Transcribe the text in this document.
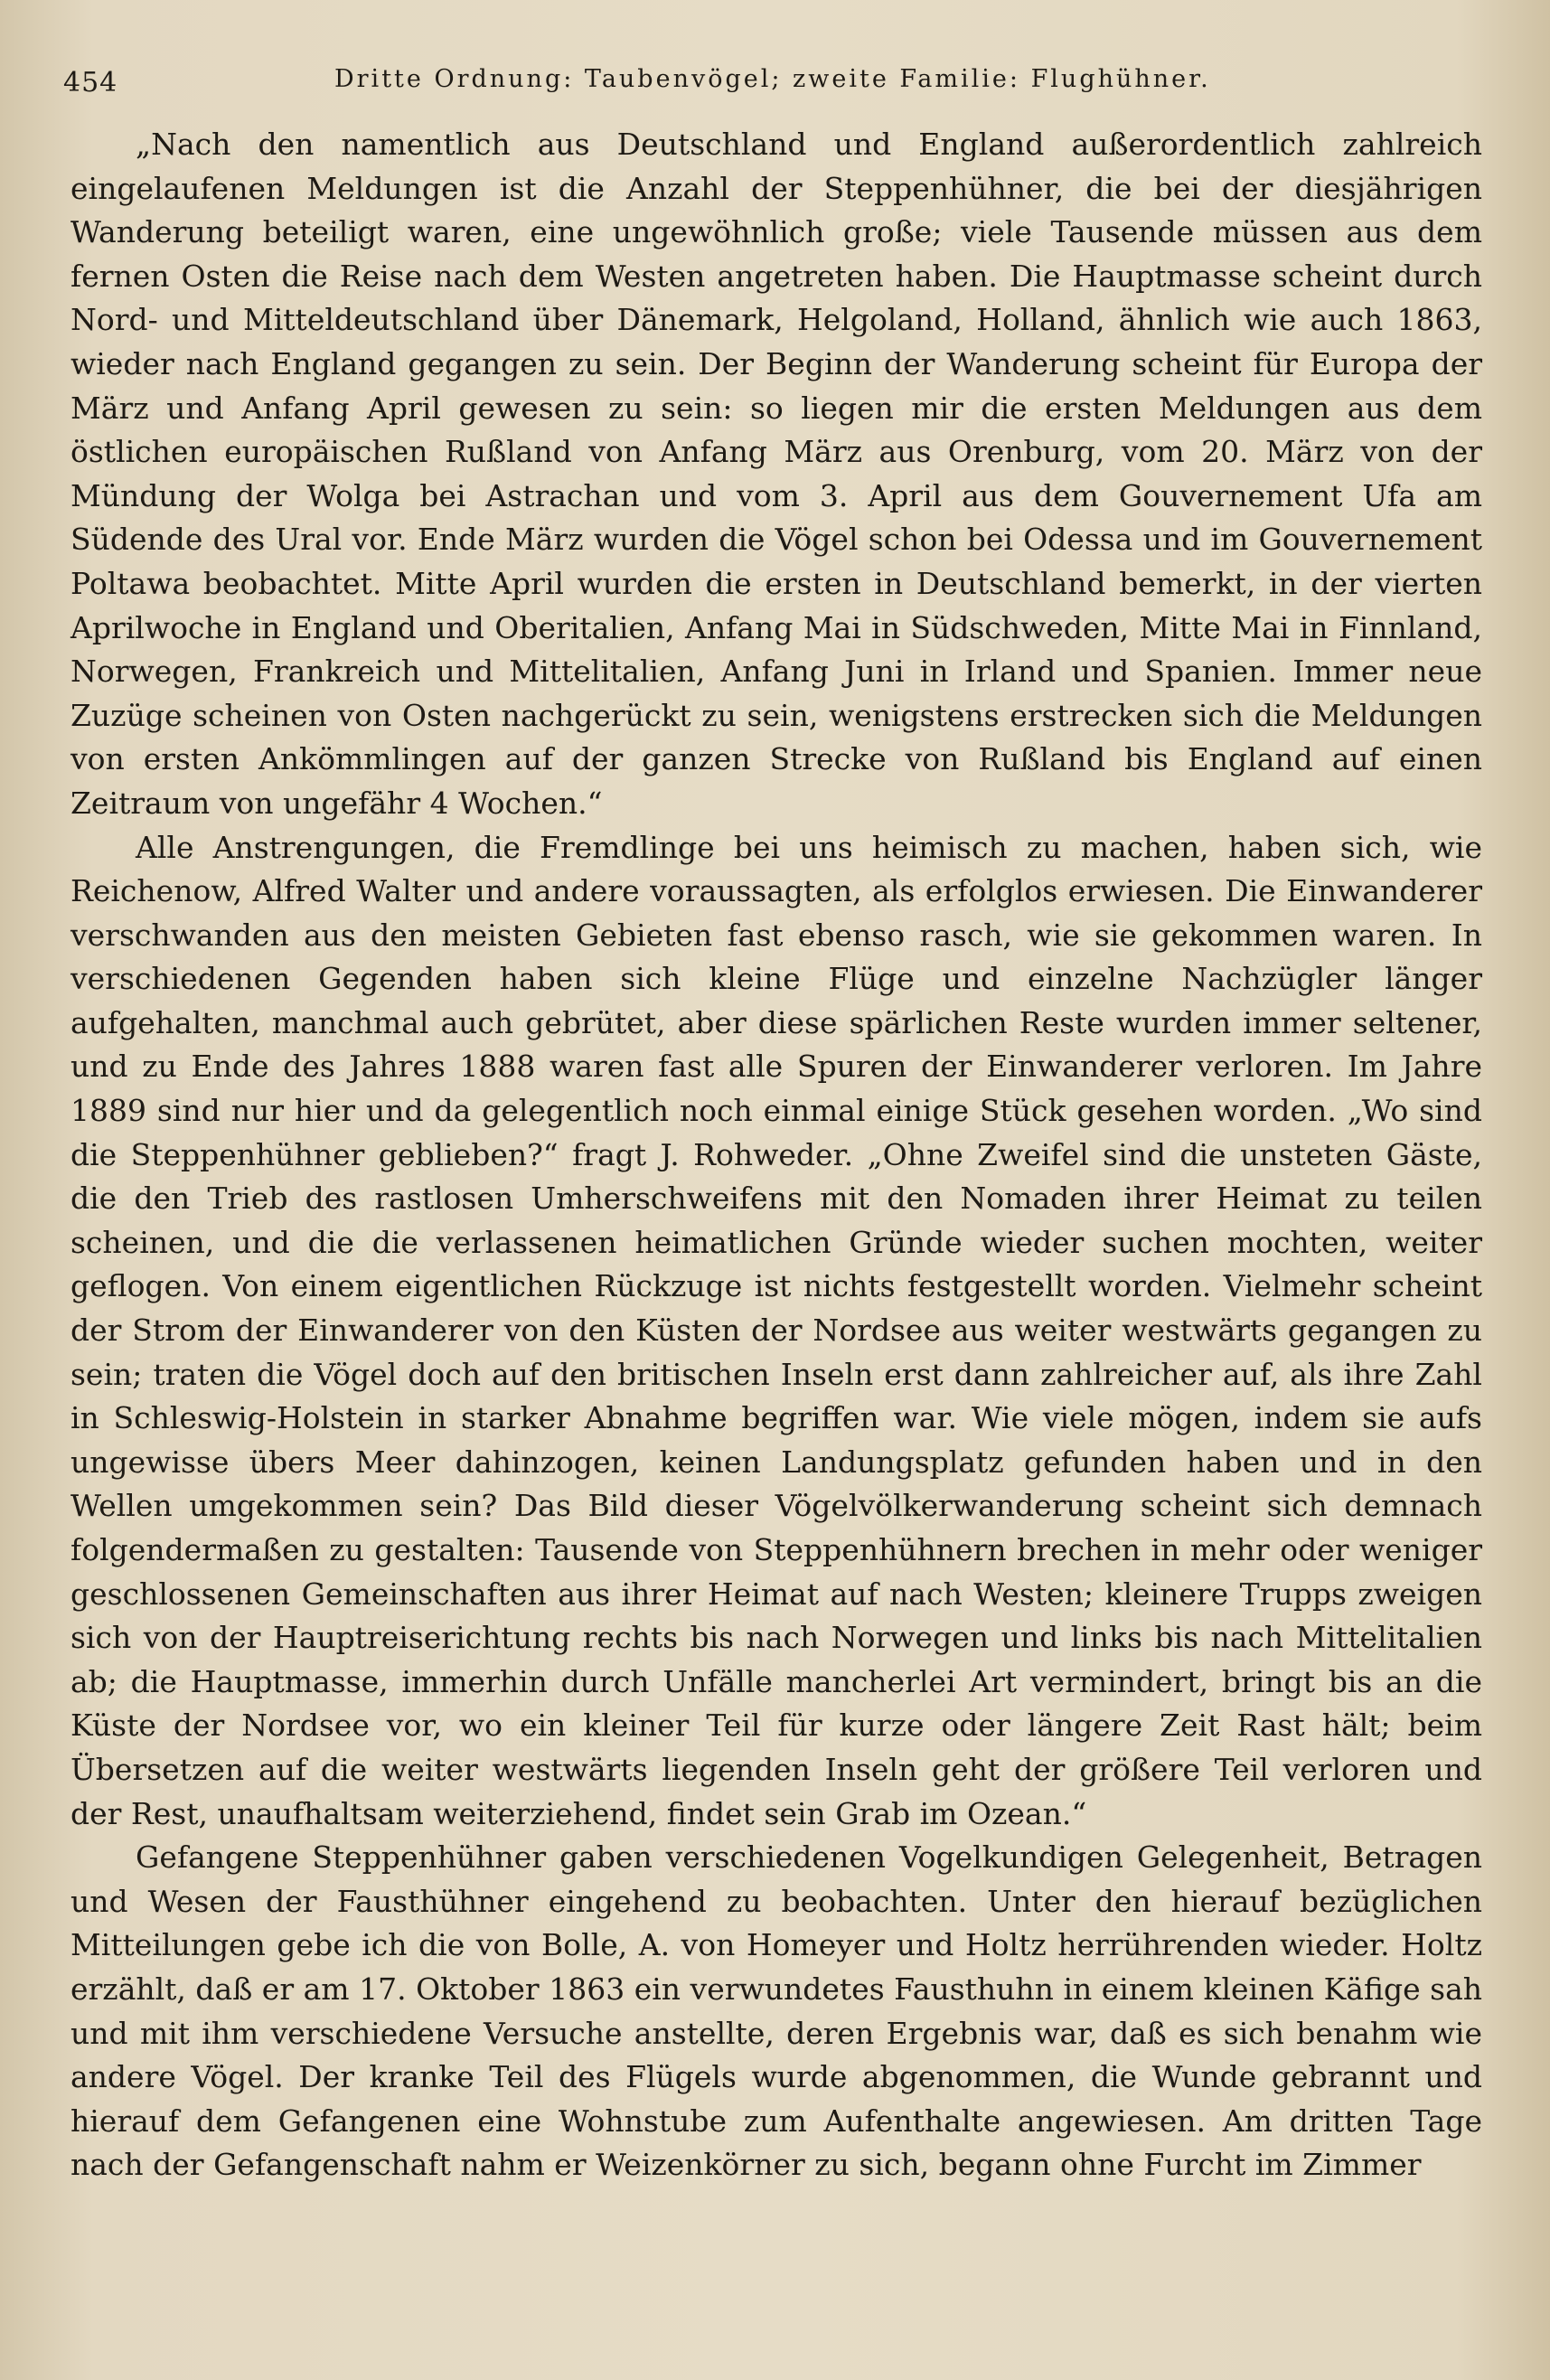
454	Dritte Ordnung: Taubenvögel; zweite Familie: Flughühner.

„Nach den namentlich aus Deutschland und England außerordentlich zahlreich eingelaufenen Meldungen ist die Anzahl der Steppenhühner, die bei der diesjährigen Wanderung beteiligt waren, eine ungewöhnlich große; viele Tausende müssen aus dem fernen Osten die Reise nach dem Westen angetreten haben. Die Hauptmasse scheint durch Nord- und Mitteldeutschland über Dänemark, Helgoland, Holland, ähnlich wie auch 1863, wieder nach England gegangen zu sein. Der Beginn der Wanderung scheint für Europa der März und Anfang April gewesen zu sein: so liegen mir die ersten Meldungen aus dem östlichen europäischen Rußland von Anfang März aus Orenburg, vom 20. März von der Mündung der Wolga bei Astrachan und vom 3. April aus dem Gouvernement Ufa am Südende des Ural vor. Ende März wurden die Vögel schon bei Odessa und im Gouvernement Poltawa beobachtet. Mitte April wurden die ersten in Deutschland bemerkt, in der vierten Aprilwoche in England und Oberitalien, Anfang Mai in Südschweden, Mitte Mai in Finnland, Norwegen, Frankreich und Mittelitalien, Anfang Juni in Irland und Spanien. Immer neue Zuzüge scheinen von Osten nachgerückt zu sein, wenigstens erstrecken sich die Meldungen von ersten Ankömmlingen auf der ganzen Strecke von Rußland bis England auf einen Zeitraum von ungefähr 4 Wochen.“

Alle Anstrengungen, die Fremdlinge bei uns heimisch zu machen, haben sich, wie Reichenow, Alfred Walter und andere voraussagten, als erfolglos erwiesen. Die Einwanderer verschwanden aus den meisten Gebieten fast ebenso rasch, wie sie gekommen waren. In verschiedenen Gegenden haben sich kleine Flüge und einzelne Nachzügler länger aufgehalten, manchmal auch gebrütet, aber diese spärlichen Reste wurden immer seltener, und zu Ende des Jahres 1888 waren fast alle Spuren der Einwanderer verloren. Im Jahre 1889 sind nur hier und da gelegentlich noch einmal einige Stück gesehen worden. „Wo sind die Steppenhühner geblieben?“ fragt J. Rohweder. „Ohne Zweifel sind die unsteten Gäste, die den Trieb des rastlosen Umherschweifens mit den Nomaden ihrer Heimat zu teilen scheinen, und die die verlassenen heimatlichen Gründe wieder suchen mochten, weiter geflogen. Von einem eigentlichen Rückzuge ist nichts festgestellt worden. Vielmehr scheint der Strom der Einwanderer von den Küsten der Nordsee aus weiter westwärts gegangen zu sein; traten die Vögel doch auf den britischen Inseln erst dann zahlreicher auf, als ihre Zahl in Schleswig-Holstein in starker Abnahme begriffen war. Wie viele mögen, indem sie aufs ungewisse übers Meer dahinzogen, keinen Landungsplatz gefunden haben und in den Wellen umgekommen sein? Das Bild dieser Vögelvölkerwanderung scheint sich demnach folgendermaßen zu gestalten: Tausende von Steppenhühnern brechen in mehr oder weniger geschlossenen Gemeinschaften aus ihrer Heimat auf nach Westen; kleinere Trupps zweigen sich von der Hauptreiserichtung rechts bis nach Norwegen und links bis nach Mittelitalien ab; die Hauptmasse, immerhin durch Unfälle mancherlei Art vermindert, bringt bis an die Küste der Nordsee vor, wo ein kleiner Teil für kurze oder längere Zeit Rast hält; beim Übersetzen auf die weiter westwärts liegenden Inseln geht der größere Teil verloren und der Rest, unaufhaltsam weiterziehend, findet sein Grab im Ozean.“

Gefangene Steppenhühner gaben verschiedenen Vogelkundigen Gelegenheit, Betragen und Wesen der Fausthühner eingehend zu beobachten. Unter den hierauf bezüglichen Mitteilungen gebe ich die von Bolle, A. von Homeyer und Holtz herrührenden wieder. Holtz erzählt, daß er am 17. Oktober 1863 ein verwundetes Fausthuhn in einem kleinen Käfige sah und mit ihm verschiedene Versuche anstellte, deren Ergebnis war, daß es sich benahm wie andere Vögel. Der kranke Teil des Flügels wurde abgenommen, die Wunde gebrannt und hierauf dem Gefangenen eine Wohnstube zum Aufenthalte angewiesen. Am dritten Tage nach der Gefangenschaft nahm er Weizenkörner zu sich, begann ohne Furcht im Zimmer
